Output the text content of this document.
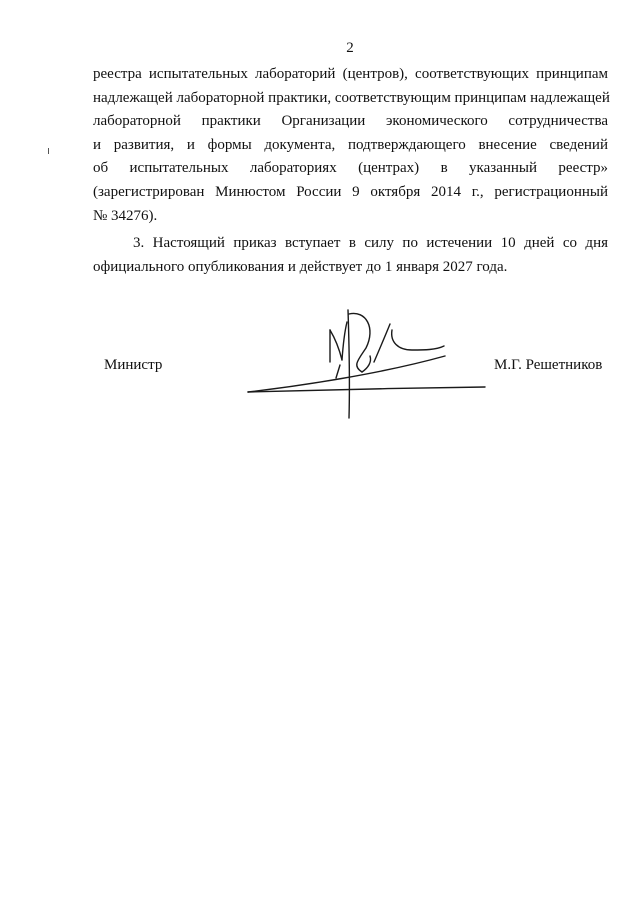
2
реестра испытательных лабораторий (центров), соответствующих принципам
надлежащей лабораторной практики, соответствующим принципам надлежащей
лабораторной практики Организации экономического сотрудничества
и развития, и формы документа, подтверждающего внесение сведений
об испытательных лабораториях (центрах) в указанный реестр»
(зарегистрирован Минюстом России 9 октября 2014 г., регистрационный
№ 34276).
3. Настоящий приказ вступает в силу по истечении 10 дней со дня
официального опубликования и действует до 1 января 2027 года.
Министр	М.Г. Решетников
